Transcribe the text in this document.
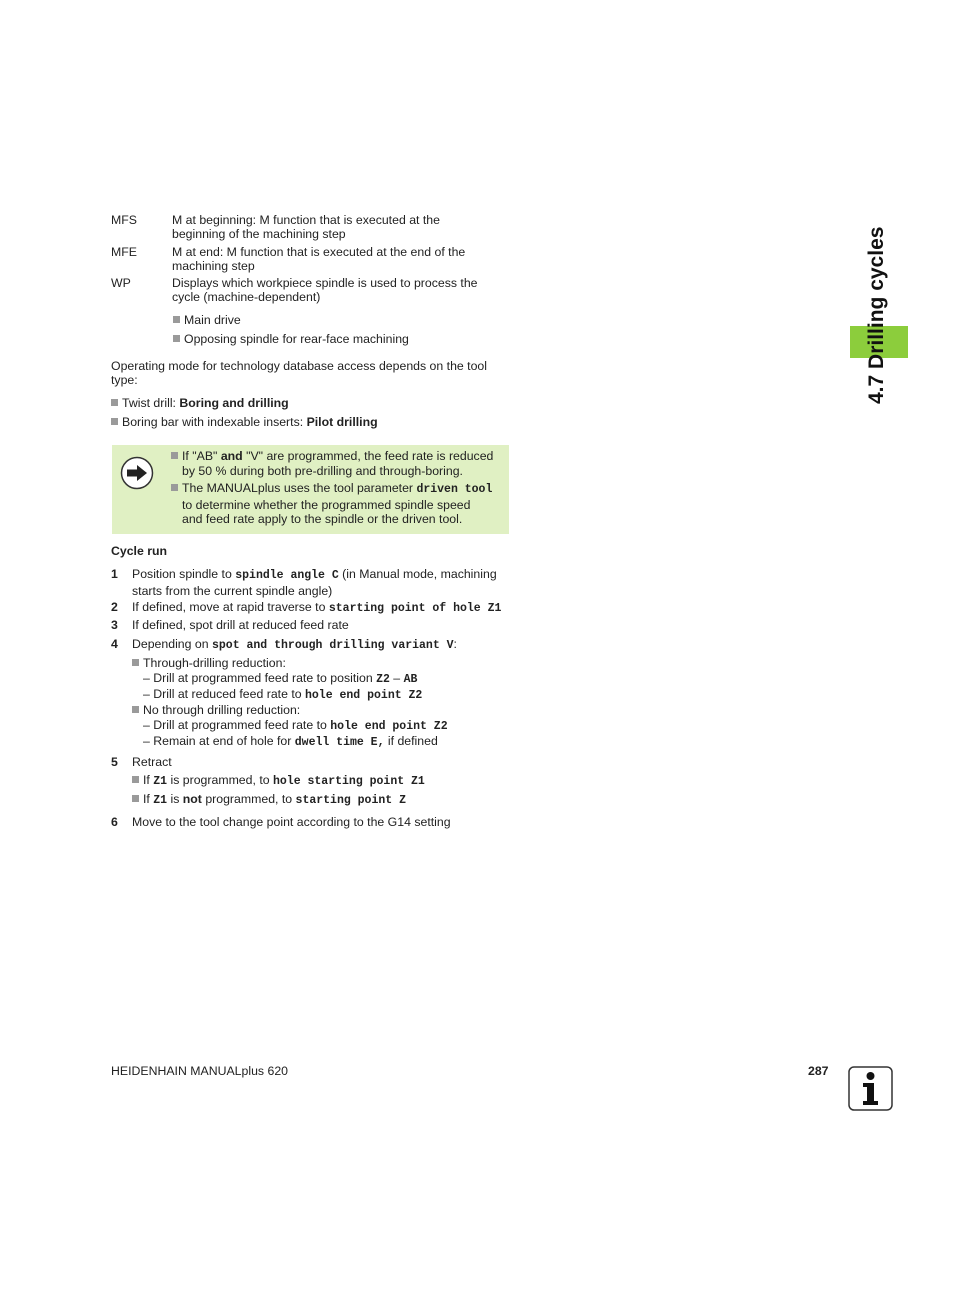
MFS	M at beginning: M function that is executed at the
beginning of the machining step
MFE	M at end: M function that is executed at the end of the
machining step
WP	Displays which workpiece spindle is used to process the
cycle (machine-dependent)
Main drive
Opposing spindle for rear-face machining
Operating mode for technology database access depends on the tool
type:
Twist drill: Boring and drilling
Boring bar with indexable inserts: Pilot drilling
If "AB" and "V" are programmed, the feed rate is reduced
by 50 % during both pre-drilling and through-boring.
The MANUALplus uses the tool parameter driven tool
to determine whether the programmed spindle speed
and feed rate apply to the spindle or the driven tool.
Cycle run
1 Position spindle to spindle angle C (in Manual mode, machining
starts from the current spindle angle)
2 If defined, move at rapid traverse to starting point of hole Z1
3 If defined, spot drill at reduced feed rate
4 Depending on spot and through drilling variant V:
Through-drilling reduction:
– Drill at programmed feed rate to position Z2 – AB
– Drill at reduced feed rate to hole end point Z2
No through drilling reduction:
– Drill at programmed feed rate to hole end point Z2
– Remain at end of hole for dwell time E, if defined
5 Retract
If Z1 is programmed, to hole starting point Z1
If Z1 is not programmed, to starting point Z
6 Move to the tool change point according to the G14 setting
4.7 Drilling cycles
HEIDENHAIN MANUALplus 620	287
